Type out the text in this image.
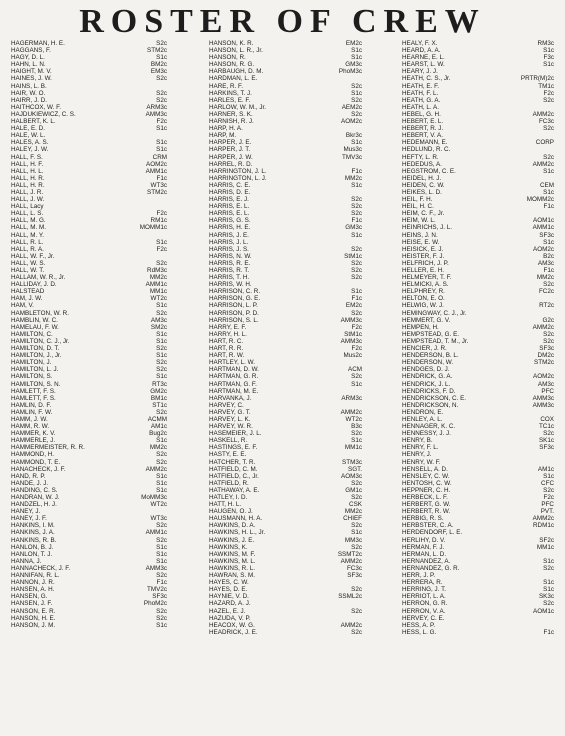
ROSTER OF CREW
HAGERMAN, H. E.	S2c
HAGGANS, F.	STM2c
HAGY, D. L.	S1c
HAHN, L. N.	BM2c
HAIGHT, M. V.	EM3c
HAINES, J. W.	S2c
HAINS, L. B.
HAIR, W. O.	S2c
HAIRR, J. D.	S2c
HAITHCOX, W. F.	ARM3c
HAJDUKIEWICZ, C. S.	AMM3c
HALBERT, K. L.	F2c
HALE, E. D.	S1c
HALE, W. L.
HALES, A. S.	S1c
HALEY, J. W.	S1c
HALL, F. S.	CRM
HALL, H. F.	AOM2c
HALL, H. L.	AMM1c
HALL, H. R.	F1c
HALL, H. R.	WT3c
HALL, J. R.	STM2c
HALL, J. W.
HALL, Lacy
HALL, L. S.	F2c
HALL, M. G.	RM1c
HALL, M. M.	MOMM1c
HALL, M. Y.
HALL, R. L.	S1c
HALL, R. A.	F2c
HALL, W. F., Jr.
HALL, W. S.	S2c
HALL, W. T.	RdM3c
HALLAM, W. R., Jr.	MM2c
HALLIDAY, J. D.	AMM1c
HALSTEAD	MM1c
HAM, J. W.	WT2c
HAM, V.	S1c
HAMBLETON, W. R.	S2c
HAMBLIN, W. C.	AM3c
HAMELAU, F. W.	SM2c
HAMILTON, C.	S1c
HAMILTON, C. J., Jr.	S1c
HAMILTON, D. T.	S2c
HAMILTON, J., Jr.	S1c
HAMILTON, J.	S2c
HAMILTON, L. J.	S2c
HAMILTON, S.	S1c
HAMILTON, S. N.	RT3c
HAMLETT, F. S.	GM2c
HAMLETT, F. S.	BM1c
HAMLIN, D. F.	ST1c
HAMLIN, F. W.	S2c
HAMM, J. W.	ACMM
HAMM, R. W.	AM1c
HAMMER, K. V.	Bug2c
HAMMERLE, J.	S1c
HAMMERMEISTER, R. R.	MM2c
HAMMOND, H.	S2c
HAMMOND, T. E.	S2c
HANACHECK, J. F.	AMM2c
HAND, R. P.	S1c
HANDE, J. J.	S1c
HANDING, C. S.	S1c
HANDRAN, W. J.	MoMM3c
HANDZEL, H. J.	WT2c
HANEY, J.
HANEY, J. F.	WT3c
HANKINS, I. M.	S2c
HANKINS, J. A.	AMM1c
HANKINS, R. B.	S2c
HANLON, B. J.	S1c
HANLON, T. J.	S1c
HANNA, J.	S1c
HANNACHECK, J. F.	AMM3c
HANNIFAN, R. L.	S2c
HANNON, J. R.	F1c
HANSEN, A. H.	TMV2c
HANSEN, G.	SF3c
HANSEN, J. F.	PhoM2c
HANSON, E. R.	S2c
HANSON, H. E.	S2c
HANSON, J. M.	S1c
HANSON, K. R.	EM2c
HANSON, L. R., Jr.	S1c
HANSON, R.	S1c
HANSON, R. G.	GM3c
HARBAUGH, D. M.	PhoM3c
HARDMAN, L. E.
HARE, R. F.	S2c
HARKINS, T. J.	S1c
HARLES, E. F.	S2c
HARLOW, W. M., Jr.	AEM2c
HARNER, S. K.	S2c
HARNISH, R. J.	AOM2c
HARP, H. A.
HARP, M.	Bkr3c
HARPER, J. E.	S1c
HARPER, J. T.	Mus3c
HARPER, J. W.	TMV3c
HARREL, R. D.
HARRINGTON, J. L.	F1c
HARRINGTON, L. J.	MM2c
HARRIS, C. E.	S1c
HARRIS, D. E.
HARRIS, E. J.	S2c
HARRIS, E. L.	S2c
HARRIS, E. L.	S2c
HARRIS, G. S.	F1c
HARRIS, H. E.	GM3c
HARRIS, J. E.	S1c
HARRIS, J. L.
HARRIS, J. S.	S2c
HARRIS, N. W.	StM1c
HARRIS, R. E.	S2c
HARRIS, R. T.	S2c
HARRIS, T. H.	S2c
HARRIS, W. H.
HARRISON, C. R.	S1c
HARRISON, G. E.	F1c
HARRISON, L. P.	EM2c
HARRISON, P. D.	S2c
HARRISON, S. L.	AMM3c
HARRY, E. F.	F2c
HARRY, H. L.	StM1c
HART, R. C.	AMM3c
HART, R. R.	F2c
HART, R. W.	Mus2c
HARTLEY, L. W.
HARTMAN, D. W.	ACM
HARTMAN, G. R.	S2c
HARTMAN, G. F.	S1c
HARTMAN, M. E.
HARVANKA, J.	ARM3c
HARVEY, C.
HARVEY, G. T.	AMM2c
HARVEY, L. K.	WT2c
HARVEY, W. R.	B3c
HASEMEIER, J. L.	S2c
HASKELL, R.	S1c
HASTINGS, E. F.	MM1c
HASTY, E. E.
HATCHER, T. R.	STM3c
HATFIELD, C. M.	SGT.
HATFIELD, C., Jr.	AOM3c
HATFIELD, R.	S2c
HATHAWAY, A. E.	GM1c
HATLEY, I. D.	S2c
HATT, H. L.	CSK
HAUGEN, O. J.	MM2c
HAUSMANN, H. A.	CHIEF
HAWKINS, D. A.	S2c
HAWKINS, H. L., Jr.	S1c
HAWKINS, J. E.	MM3c
HAWKINS, K.	S2c
HAWKINS, M. F.	SSMT2c
HAWKINS, M. L.	AMM2c
HAWKINS, R. L.	FC3c
HAWRAN, S. M.	SF3c
HAYES, C. W.
HAYES, D. E.	S2c
HAYNIE, V. D.	SSML2c
HAZARD, A. J.
HAZEL, E. J.	S2c
HAZUDA, V. P.
HEACOX, W. G.	AMM2c
HEADRICK, J. E.	S2c
HEALY, F. X.	RM3c
HEARD, A. A.	S1c
HEARNE, E. L.	F3c
HEARST, L. W.	S1c
HEARY, J. J.
HEATH, C. S., Jr.	PRTR(M)2c
HEATH, E. F.	TM1c
HEATH, F. L.	F2c
HEATH, G. A.	S2c
HEATH, L. A.
HEBEL, G. H.	AMM2c
HEBERT, E. L.	FC3c
HEBERT, R. J.	S2c
HEBERT, V. A.
HEDEMANN, E.	CORP
HEDLUND, R. C.
HEFTY, L. R.	S2c
HEDEDUS, A.	AMM2c
HEGSTROM, C. E.	S1c
HEIDEL, H. J.
HEIDEN, C. W.	CEM
HEIKES, L. D.	S1c
HEIL, F. H.	MOMM2c
HEIL, H. C.	F1c
HEIM, C. F., Jr.
HEIM, W. L.	AOM1c
HEINRICHS, J. L.	AMM1c
HEINS, J. N.	SF3c
HEISE, E. W.	S1c
HEISICK, E. J.	AOM2c
HEISTER, F. J.	B2c
HELFRICH, J. P.	AM3c
HELLER, E. H.	F1c
HELMEYER, T. F.	MM2c
HELMICKI, A. S.	S2c
HELPHREY, R.	FC2c
HELTON, E. O.
HELWIG, W. J.	RT2c
HEMINGWAY, C. J., Jr.
HEMMERT, G. V.	G2c
HEMPEN, H.	AMM2c
HEMPSTEAD, G. E.	S2c
HEMPSTEAD, T. M., Jr.	S2c
HENCIER, J. R.	SF3c
HENDERSON, B. L.	DM2c
HENDERSON, W.	STM2c
HENDGES, D. J.
HENDRICK, G. A.	AOM2c
HENDRICK, J. L.	AM3c
HENDRICKS, F. D.	PFC
HENDRICKSON, C. E.	AMM3c
HENDRICKSON, N.	AMM3c
HENDRON, E.
HENLEY, A. L.	COX
HENNAGER, K. C.	TC1c
HENNESSY, J. J.	S2c
HENRY, B.	SK1c
HENRY, F. L.	SF3c
HENRY, J.
HENRY, W. F.
HENSELL, A. D.	AM1c
HENSLEY, C. W.	S1c
HENTOSH, C. W.	CFC
HEPPNER, C. H.	S2c
HERBECK, L. F.	F2c
HERBERT, G. W.	PFC
HERBERT, R. W.	PVT.
HERBIG, R. S.	AMM2c
HERBSTER, C. A.	RDM1c
HERDENDORF, L. E.
HERLIHY, D. V.	SF2c
HERMAN, F. J.	MM1c
HERMAN, L. D.
HERNANDEZ, A.	S1c
HERNANDEZ, G. R.	S2c
HERR, J. P.
HERRERA, R.	S1c
HERRING, J. T.	S1c
HERRIOT, L. A.	SK3c
HERRON, G. R.	S2c
HERRON, V. A.	AOM1c
HERVEY, C. E.
HESS, A. P.
HESS, L. G.	F1c
